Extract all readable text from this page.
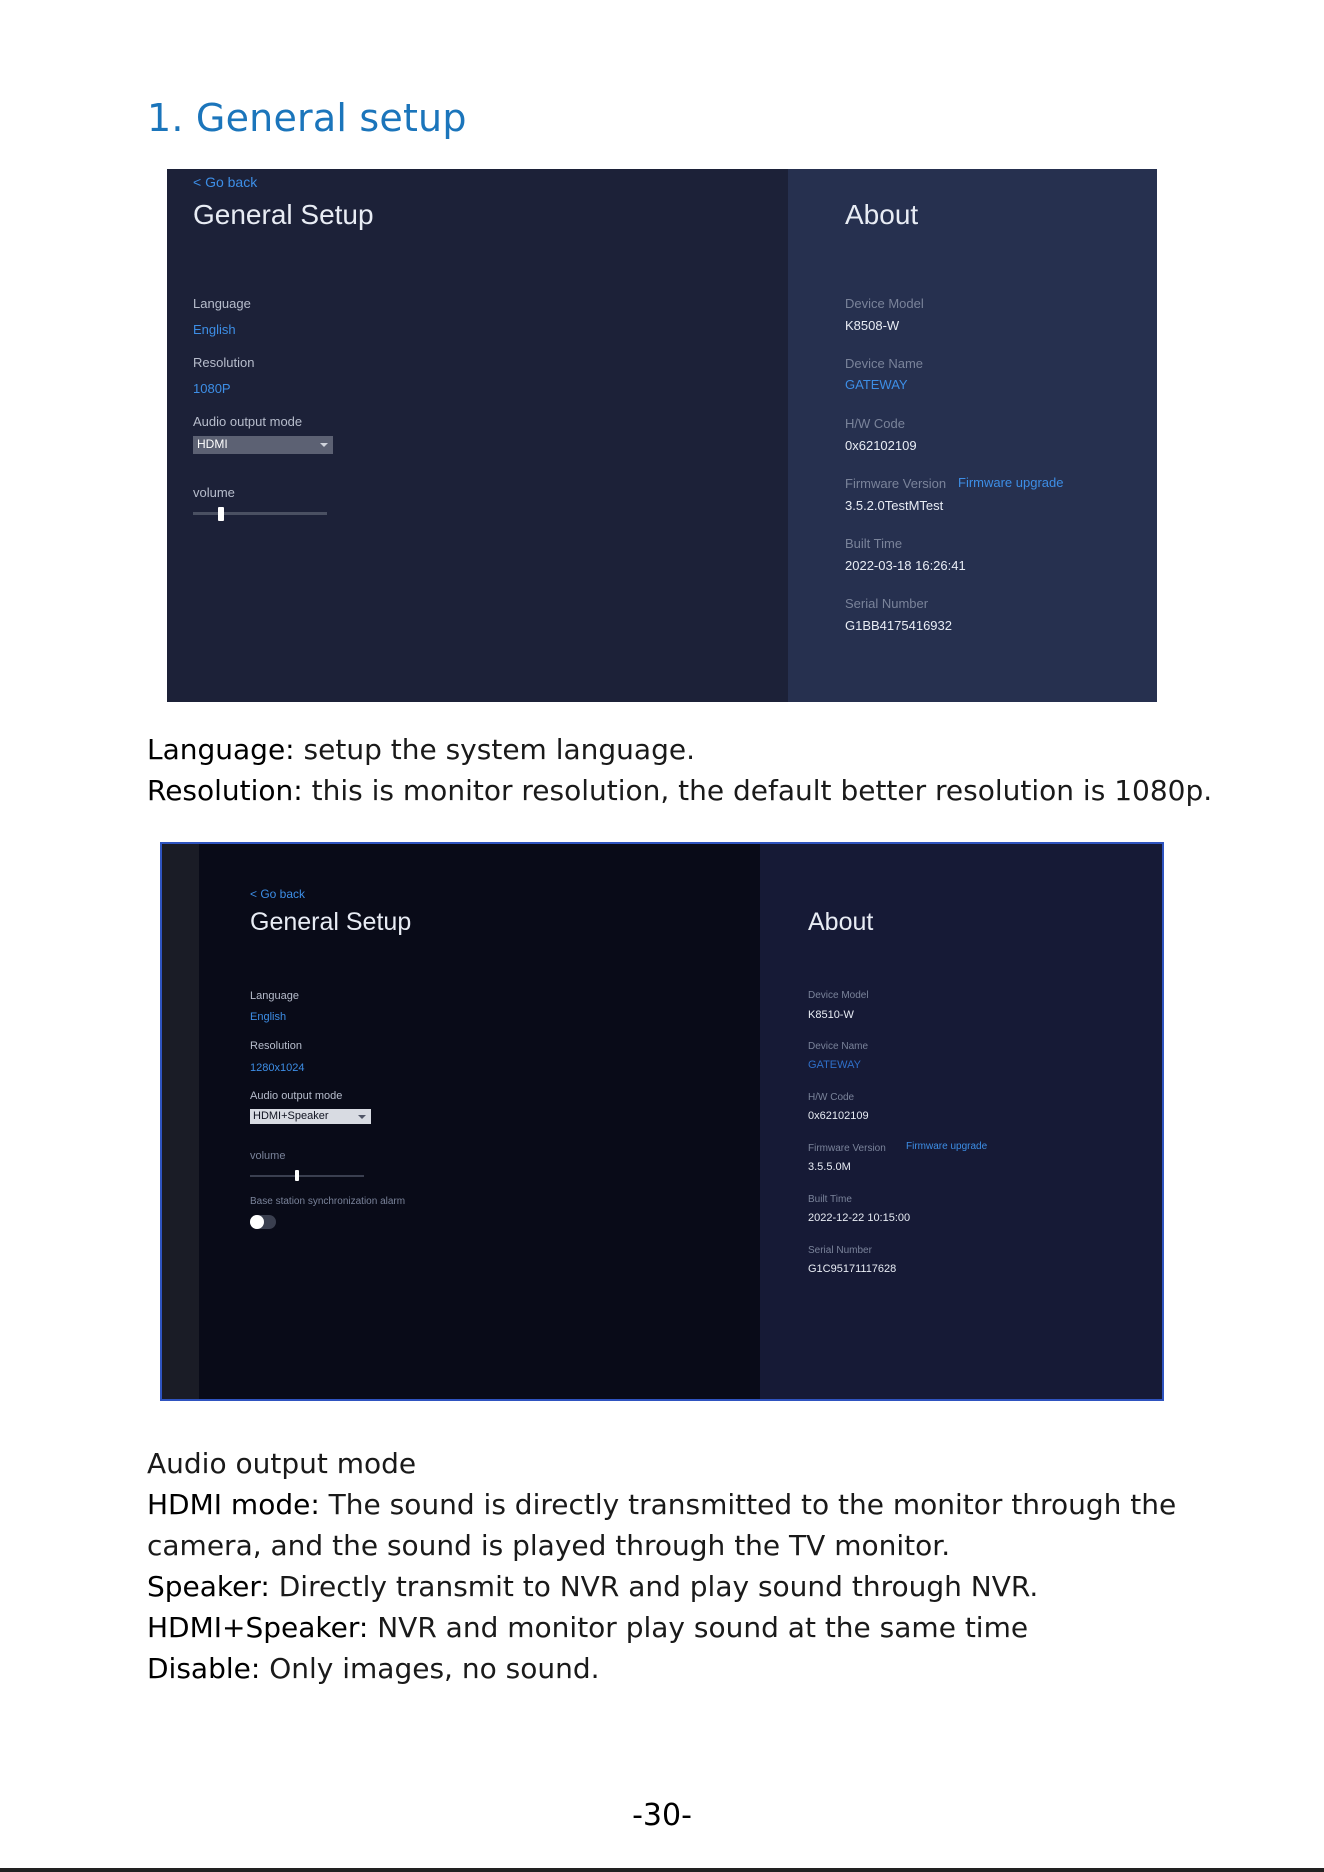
1. General setup
< Go back
General Setup
Language
English
Resolution
1080P
Audio output mode
HDMI
volume
About
Device Model
K8508-W
Device Name
GATEWAY
H/W Code
0x62102109
Firmware Version Firmware upgrade
3.5.2.0TestMTest
Built Time
2022-03-18 16:26:41
Serial Number
G1BB4175416932

Language: setup the system language.

Resolution: this is monitor resolution, the default better resolution is 1080p.

< Go back
General Setup
Language
English
Resolution
1280x1024
Audio output mode
HDMI+Speaker
volume
Base station synchronization alarm
About
Device Model
K8510-W
Device Name
GATEWAY
H/W Code
0x62102109
Firmware Version Firmware upgrade
3.5.5.0M
Built Time
2022-12-22 10:15:00
Serial Number
G1C95171117628

Audio output mode

HDMI mode: The sound is directly transmitted to the monitor through the

camera, and the sound is played through the TV monitor.

Speaker: Directly transmit to NVR and play sound through NVR.

HDMI+Speaker: NVR and monitor play sound at the same time

Disable: Only images, no sound.

-30-
